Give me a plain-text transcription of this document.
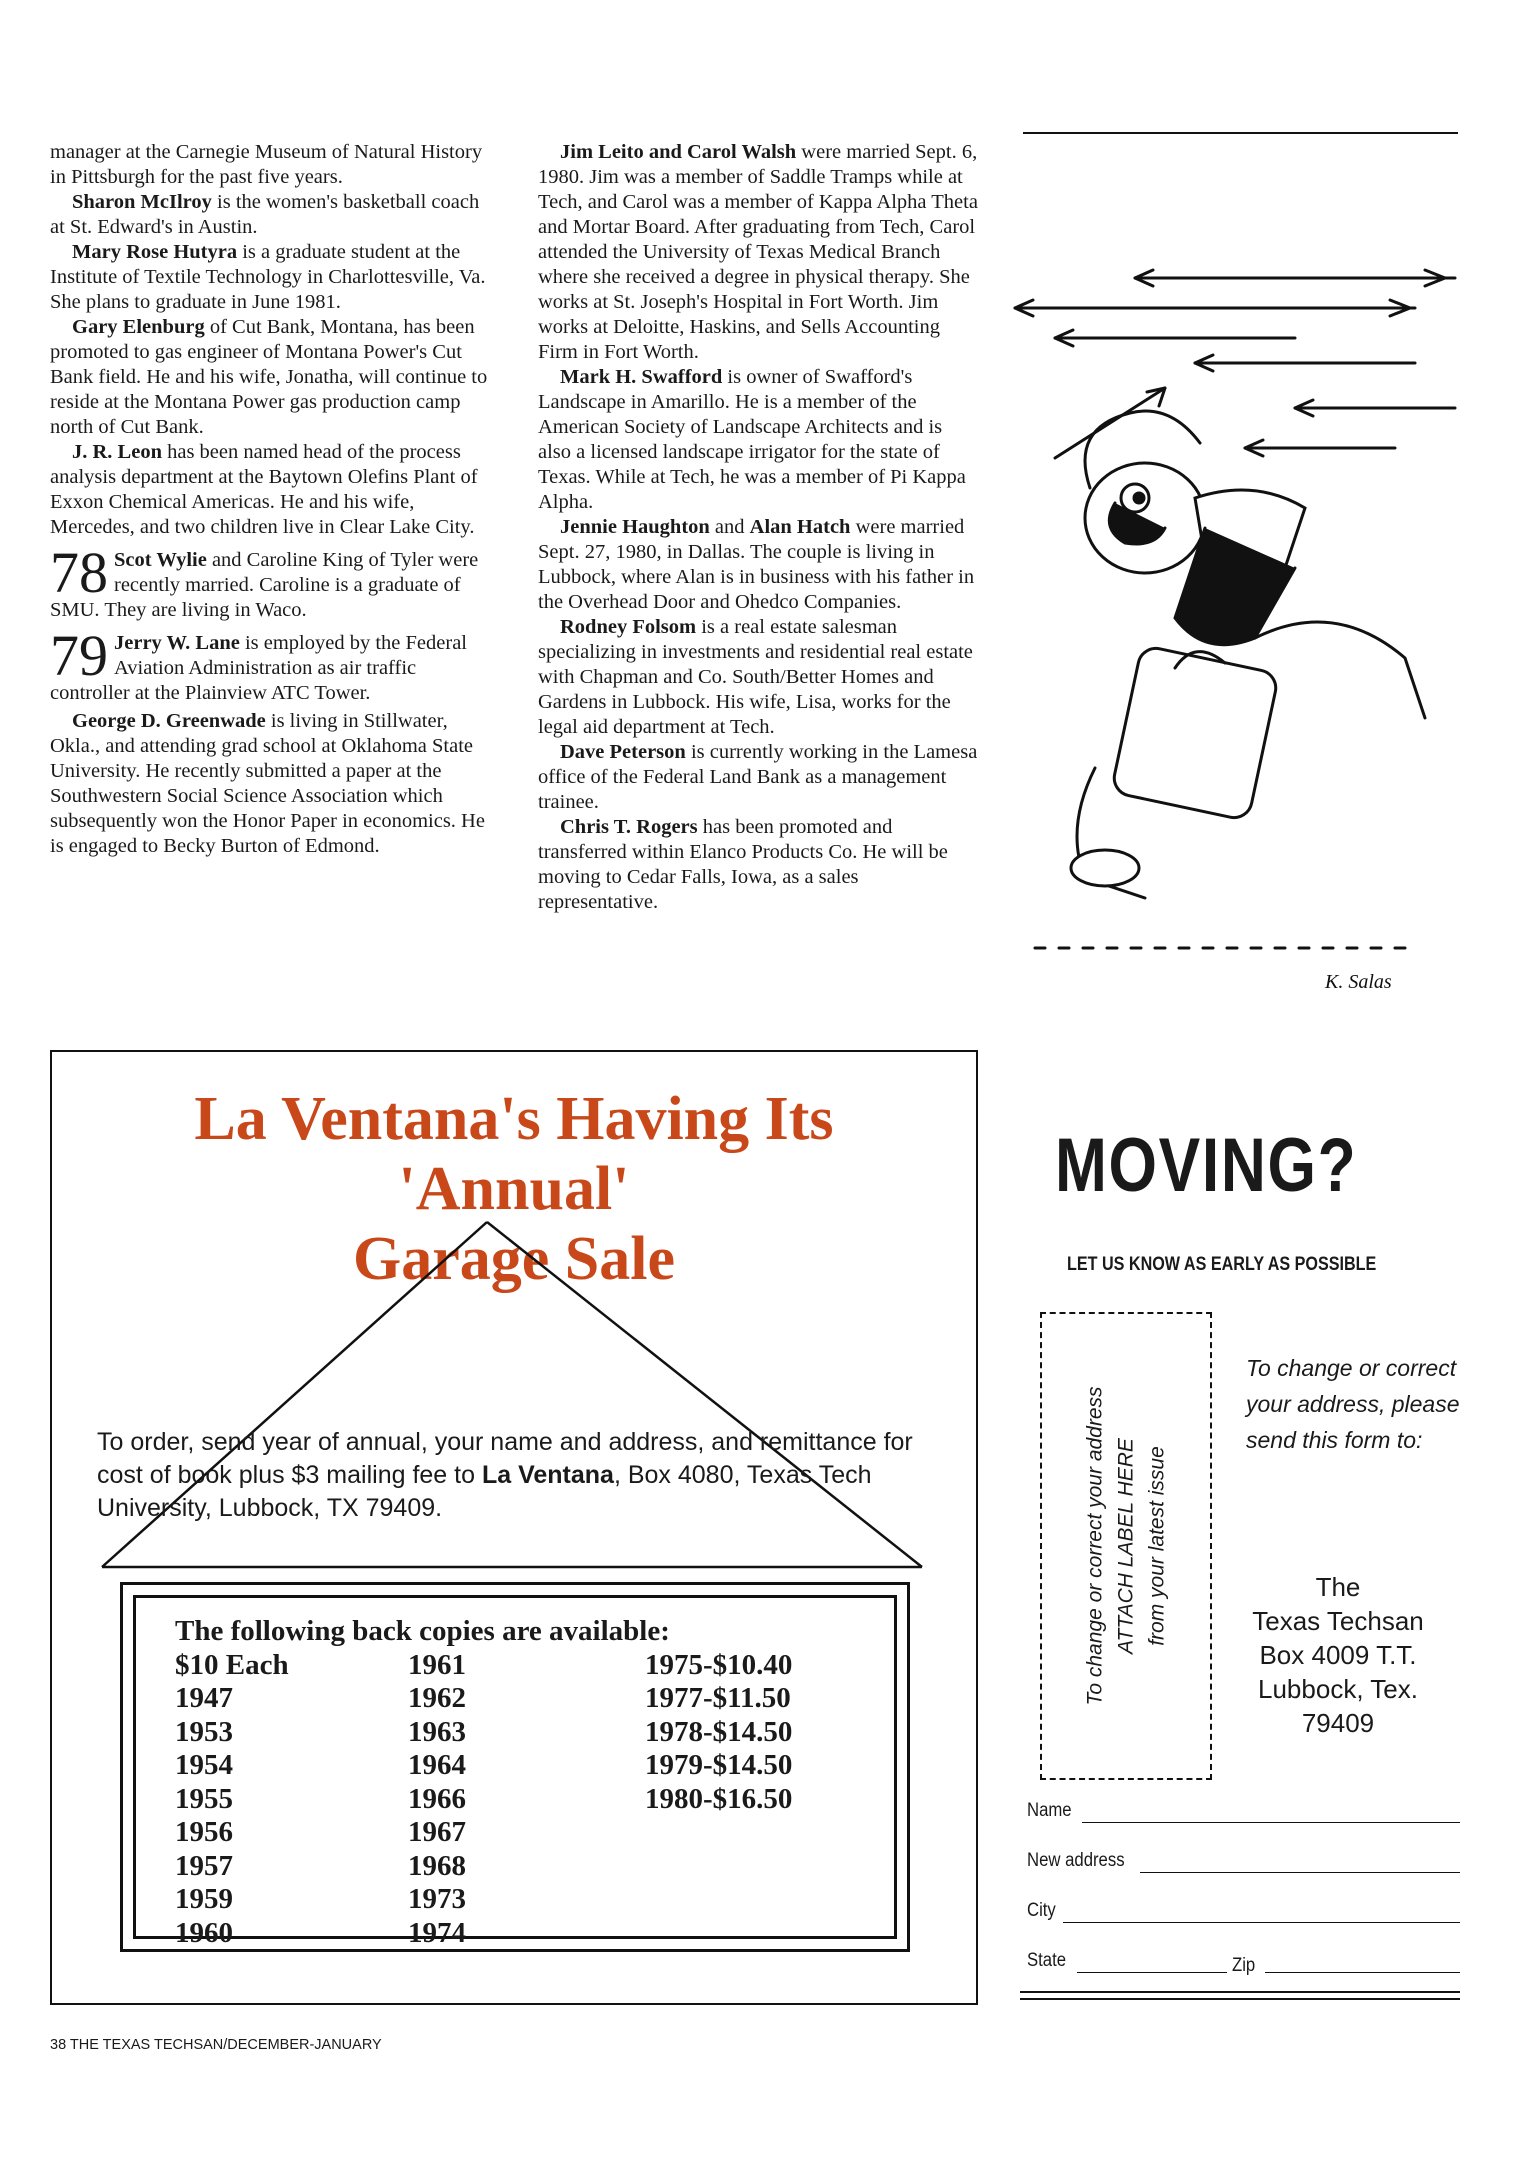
manager at the Carnegie Museum of Natural History in Pittsburgh for the past five years.

Sharon McIlroy is the women's basketball coach at St. Edward's in Austin.

Mary Rose Hutyra is a graduate student at the Institute of Textile Technology in Charlottesville, Va. She plans to graduate in June 1981.

Gary Elenburg of Cut Bank, Montana, has been promoted to gas engineer of Montana Power's Cut Bank field. He and his wife, Jonatha, will continue to reside at the Montana Power gas production camp north of Cut Bank.

J. R. Leon has been named head of the process analysis department at the Baytown Olefins Plant of Exxon Chemical Americas. He and his wife, Mercedes, and two children live in Clear Lake City.

78 Scot Wylie and Caroline King of Tyler were recently married. Caroline is a graduate of SMU. They are living in Waco.
79 Jerry W. Lane is employed by the Federal Aviation Administration as air traffic controller at the Plainview ATC Tower.

George D. Greenwade is living in Stillwater, Okla., and attending grad school at Oklahoma State University. He recently submitted a paper at the Southwestern Social Science Association which subsequently won the Honor Paper in economics. He is engaged to Becky Burton of Edmond.

Jim Leito and Carol Walsh were married Sept. 6, 1980. Jim was a member of Saddle Tramps while at Tech, and Carol was a member of Kappa Alpha Theta and Mortar Board. After graduating from Tech, Carol attended the University of Texas Medical Branch where she received a degree in physical therapy. She works at St. Joseph's Hospital in Fort Worth. Jim works at Deloitte, Haskins, and Sells Accounting Firm in Fort Worth.

Mark H. Swafford is owner of Swafford's Landscape in Amarillo. He is a member of the American Society of Landscape Architects and is also a licensed landscape irrigator for the state of Texas. While at Tech, he was a member of Pi Kappa Alpha.

Jennie Haughton and Alan Hatch were married Sept. 27, 1980, in Dallas. The couple is living in Lubbock, where Alan is in business with his father in the Overhead Door and Ohedco Companies.

Rodney Folsom is a real estate salesman specializing in investments and residential real estate with Chapman and Co. South/Better Homes and Gardens in Lubbock. His wife, Lisa, works for the legal aid department at Tech.

Dave Peterson is currently working in the Lamesa office of the Federal Land Bank as a management trainee.

Chris T. Rogers has been promoted and transferred within Elanco Products Co. He will be moving to Cedar Falls, Iowa, as a sales representative.

K. Salas
La Ventana's Having Its
'Annual'
Garage Sale
To order, send year of annual, your name and address, and remittance for cost of book plus $3 mailing fee to La Ventana, Box 4080, Texas Tech University, Lubbock, TX 79409.
The following back copies are available:
$10 Each
1947
1953
1954
1955
1956
1957
1959
1960
1961
1962
1963
1964
1966
1967
1968
1973
1974
1975-$10.40
1977-$11.50
1978-$14.50
1979-$14.50
1980-$16.50
38 THE TEXAS TECHSAN/DECEMBER-JANUARY
MOVING?
LET US KNOW AS EARLY AS POSSIBLE
To change or correct your address ATTACH LABEL HERE from your latest issue
To change or correct your address, please send this form to:
The
Texas Techsan
Box 4009 T.T.
Lubbock, Tex.
79409
Name
New address
City
State	Zip
